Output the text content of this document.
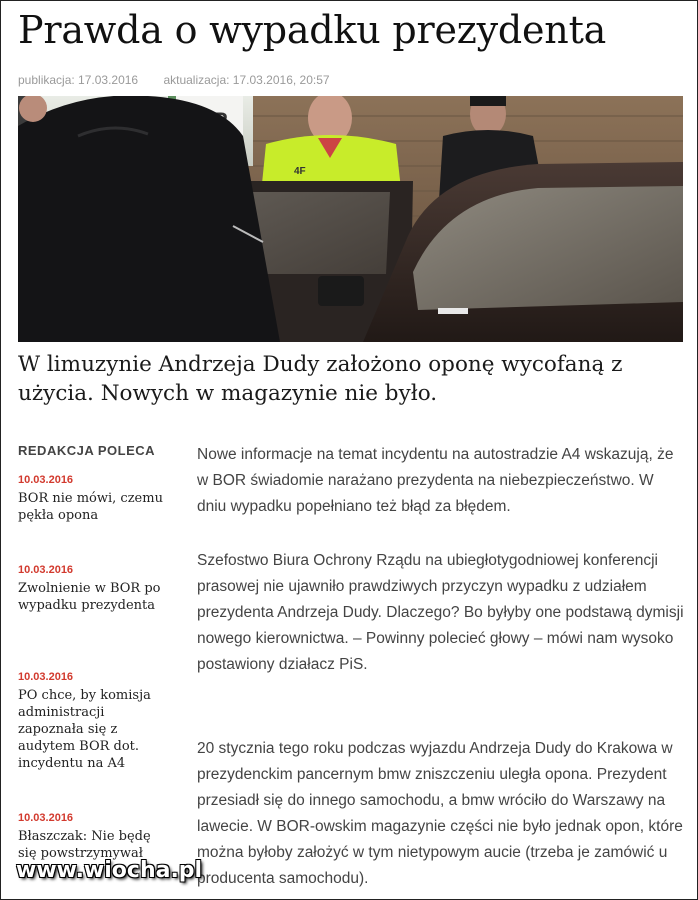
Prawda o wypadku prezydenta
publikacja: 17.03.2016 aktualizacja: 17.03.2016, 20:57
4F
W limuzynie Andrzeja Dudy założono oponę wycofaną z użycia. Nowych w magazynie nie było.
REDAKCJA POLECA
10.03.2016
BOR nie mówi, czemu pękła opona
10.03.2016
Zwolnienie w BOR po wypadku prezydenta
10.03.2016
PO chce, by komisja administracji zapoznała się z audytem BOR dot. incydentu na A4
10.03.2016
Błaszczak: Nie będę się powstrzymywał

Nowe informacje na temat incydentu na autostradzie A4 wskazują, że w BOR świadomie narażano prezydenta na niebezpieczeństwo. W dniu wypadku popełniano też błąd za błędem.

Szefostwo Biura Ochrony Rządu na ubiegłotygodniowej konferencji prasowej nie ujawniło prawdziwych przyczyn wypadku z udziałem prezydenta Andrzeja Dudy. Dlaczego? Bo byłyby one podstawą dymisji nowego kierownictwa. – Powinny polecieć głowy – mówi nam wysoko postawiony działacz PiS.

20 stycznia tego roku podczas wyjazdu Andrzeja Dudy do Krakowa w prezydenckim pancernym bmw zniszczeniu uległa opona. Prezydent przesiadł się do innego samochodu, a bmw wróciło do Warszawy na lawecie. W BOR-owskim magazynie części nie było jednak opon, które można byłoby założyć w tym nietypowym aucie (trzeba je zamówić u producenta samochodu).

www.wiocha.pl
